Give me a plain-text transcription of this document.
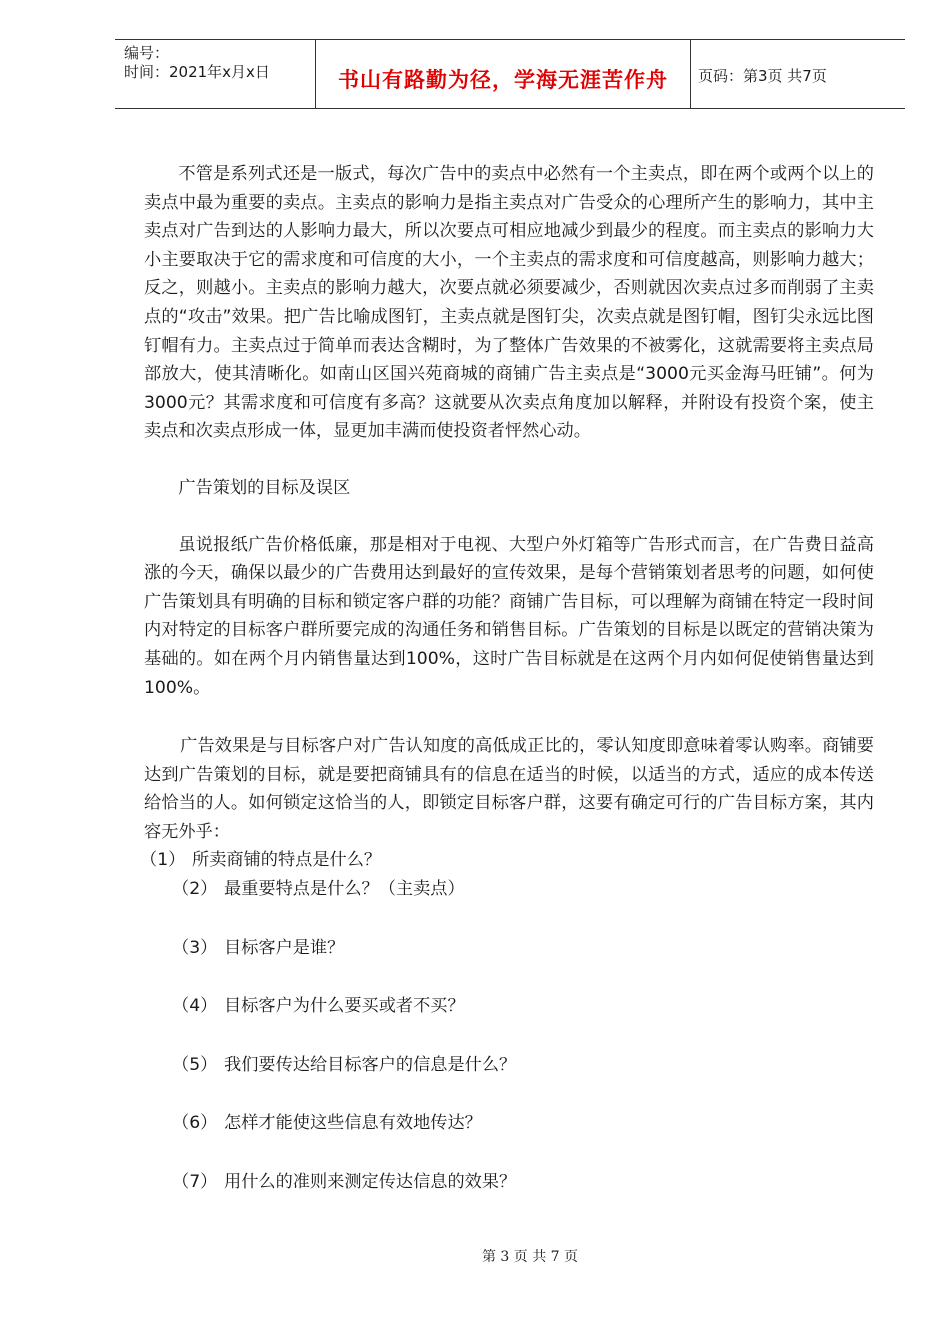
编号：
时间：2021年x月x日	书山有路勤为径，学海无涯苦作舟	页码：第3页 共7页

不管是系列式还是一版式，每次广告中的卖点中必然有一个主卖点，即在两个或两个以上的卖点中最为重要的卖点。主卖点的影响力是指主卖点对广告受众的心理所产生的影响力，其中主卖点对广告到达的人影响力最大，所以次要点可相应地减少到最少的程度。而主卖点的影响力大小主要取决于它的需求度和可信度的大小，一个主卖点的需求度和可信度越高，则影响力越大；反之，则越小。主卖点的影响力越大，次要点就必须要减少，否则就因次卖点过多而削弱了主卖点的“攻击”效果。把广告比喻成图钉，主卖点就是图钉尖，次卖点就是图钉帽，图钉尖永远比图钉帽有力。主卖点过于简单而表达含糊时，为了整体广告效果的不被雾化，这就需要将主卖点局部放大，使其清晰化。如南山区国兴苑商城的商铺广告主卖点是“3000元买金海马旺铺”。何为3000元？其需求度和可信度有多高？这就要从次卖点角度加以解释，并附设有投资个案，使主卖点和次卖点形成一体，显更加丰满而使投资者怦然心动。

广告策划的目标及误区

虽说报纸广告价格低廉，那是相对于电视、大型户外灯箱等广告形式而言，在广告费日益高涨的今天，确保以最少的广告费用达到最好的宣传效果，是每个营销策划者思考的问题，如何使广告策划具有明确的目标和锁定客户群的功能？商铺广告目标，可以理解为商铺在特定一段时间内对特定的目标客户群所要完成的沟通任务和销售目标。广告策划的目标是以既定的营销决策为基础的。如在两个月内销售量达到100%，这时广告目标就是在这两个月内如何促使销售量达到100%。

广告效果是与目标客户对广告认知度的高低成正比的，零认知度即意味着零认购率。商铺要达到广告策划的目标，就是要把商铺具有的信息在适当的时候，以适当的方式，适应的成本传送给恰当的人。如何锁定这恰当的人，即锁定目标客户群，这要有确定可行的广告目标方案，其内容无外乎：

（1） 所卖商铺的特点是什么？
（2） 最重要特点是什么？（主卖点）
（3） 目标客户是谁？
（4） 目标客户为什么要买或者不买？
（5） 我们要传达给目标客户的信息是什么？
（6） 怎样才能使这些信息有效地传达？
（7） 用什么的准则来测定传达信息的效果？
第 3 页 共 7 页
